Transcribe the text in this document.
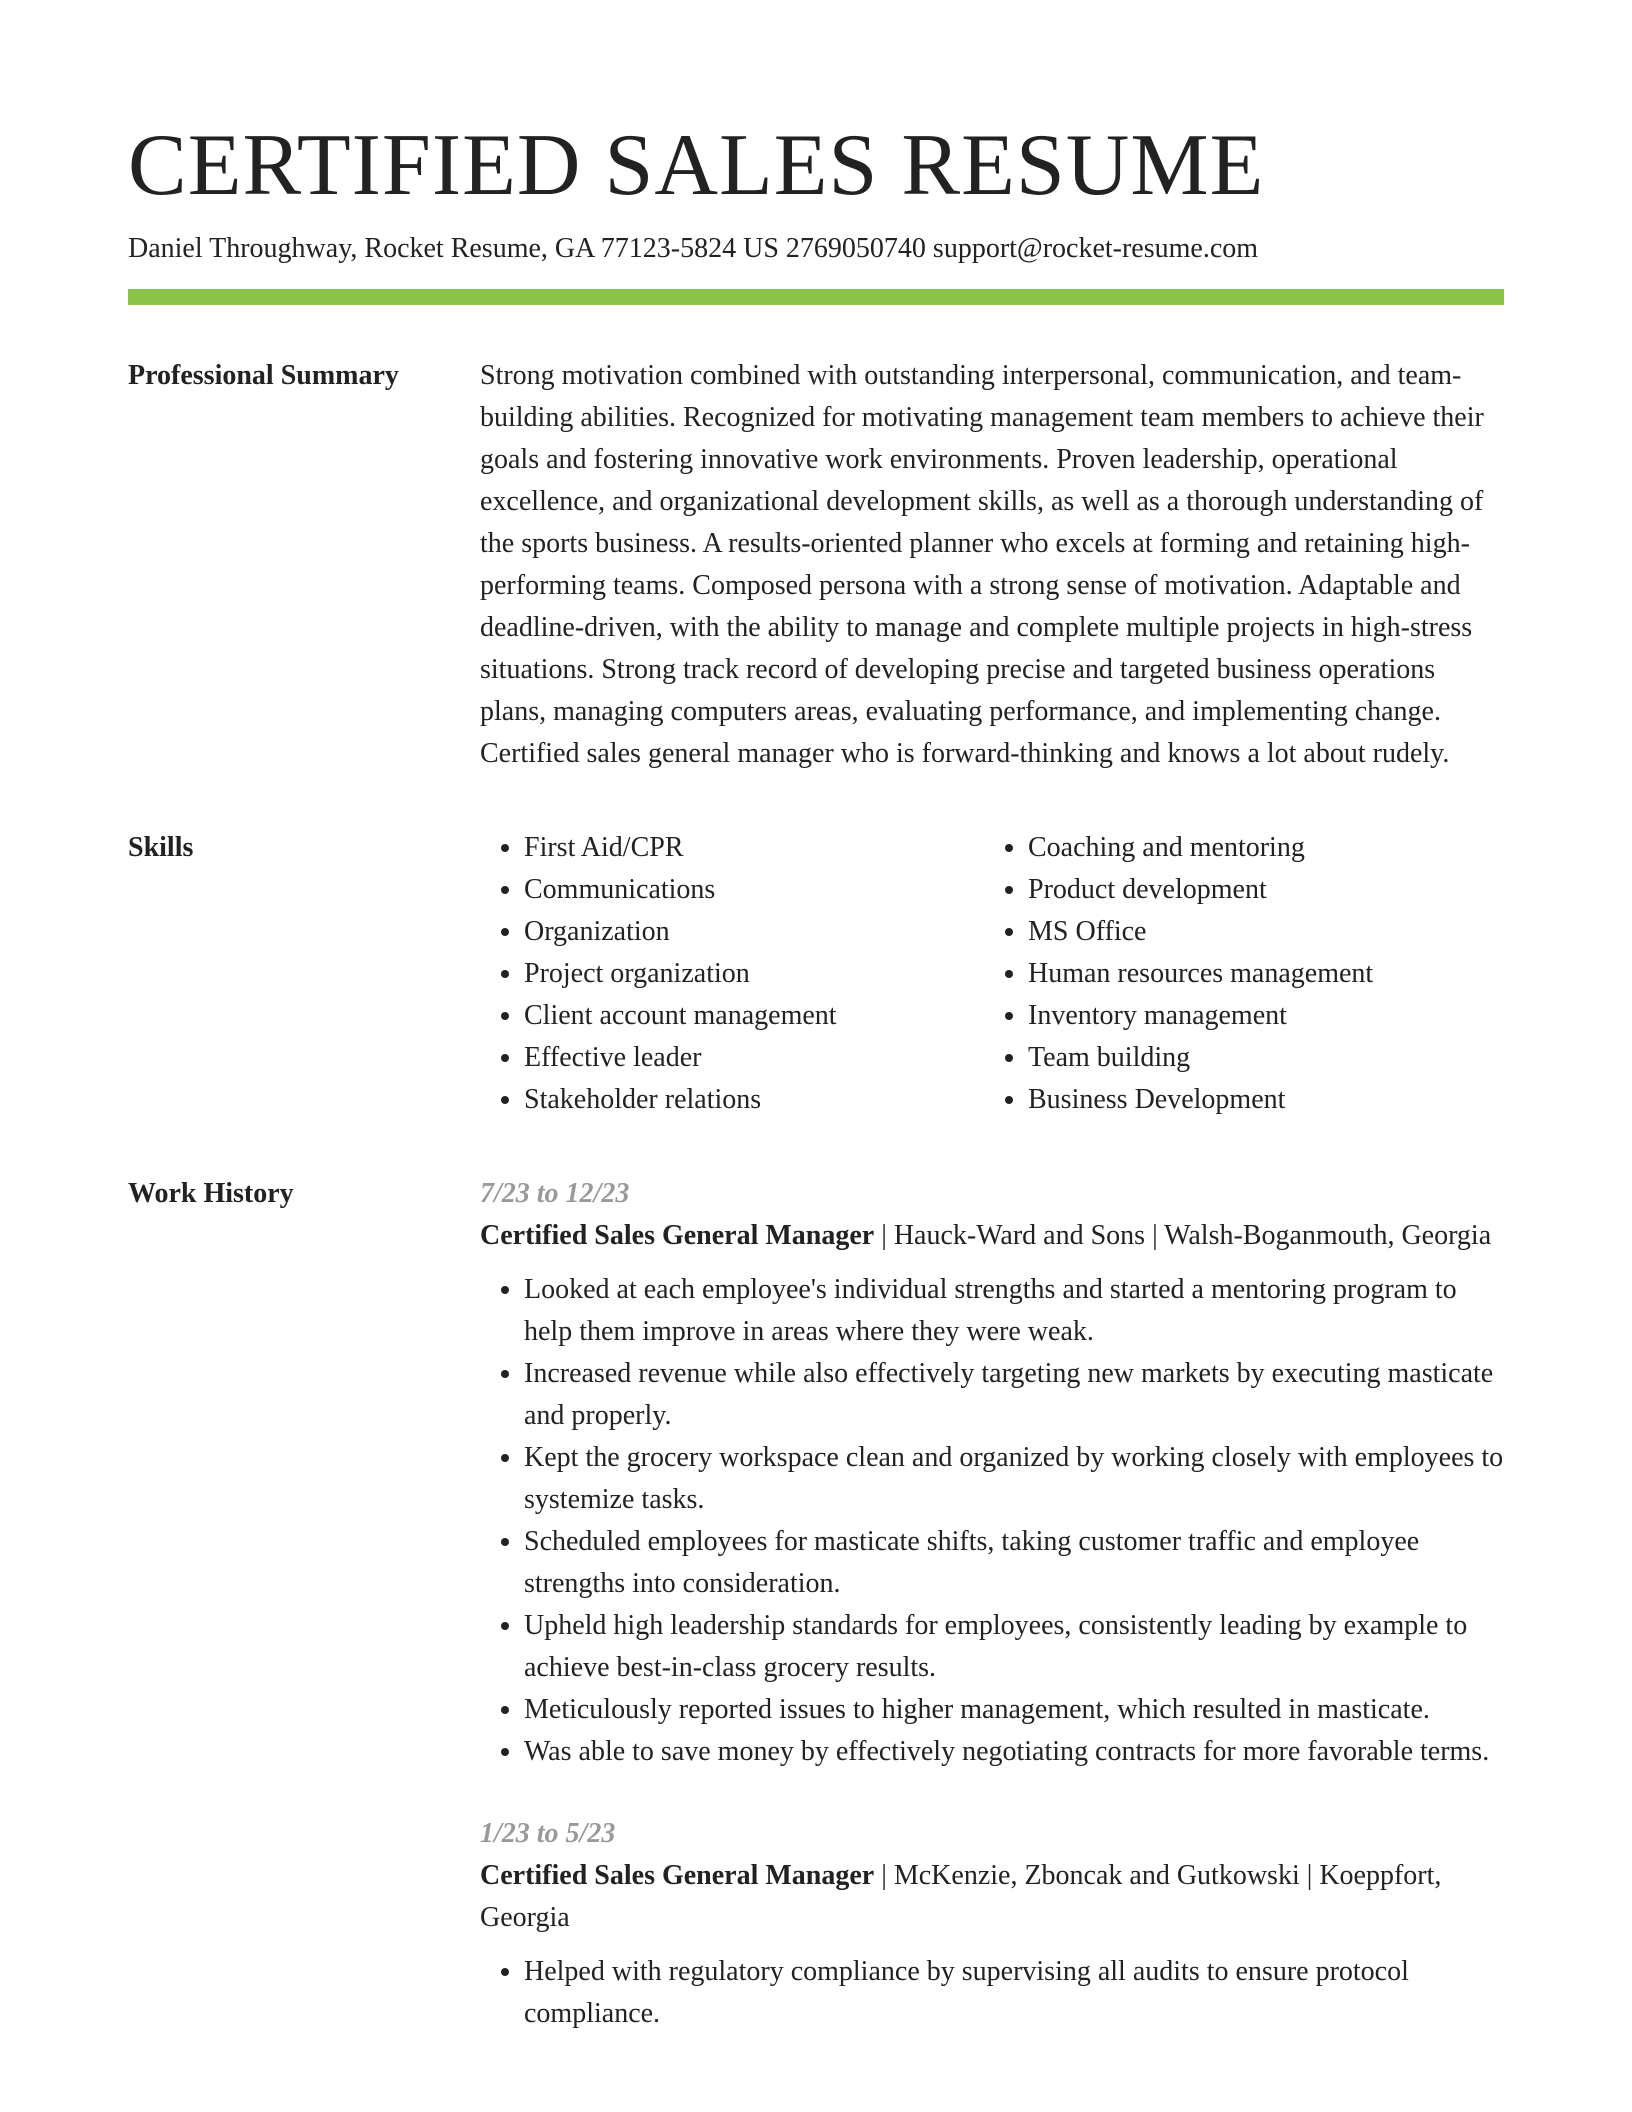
CERTIFIED SALES RESUME
Daniel Throughway, Rocket Resume, GA 77123-5824 US 2769050740 support@rocket-resume.com
Professional Summary	Strong motivation combined with outstanding interpersonal, communication, and team-building abilities. Recognized for motivating management team members to achieve their goals and fostering innovative work environments. Proven leadership, operational excellence, and organizational development skills, as well as a thorough understanding of the sports business. A results-oriented planner who excels at forming and retaining high-performing teams. Composed persona with a strong sense of motivation. Adaptable and deadline-driven, with the ability to manage and complete multiple projects in high-stress situations. Strong track record of developing precise and targeted business operations plans, managing computers areas, evaluating performance, and implementing change. Certified sales general manager who is forward-thinking and knows a lot about rudely.

Skills
•	First Aid/CPR
• Communications
• Organization
• Project organization
• Client account management
• Effective leader
• Stakeholder relations
• Coaching and mentoring
• Product development
• MS Office
• Human resources management
• Inventory management
• Team building
• Business Development
Work History	7/23 to 12/23
Certified Sales General Manager | Hauck-Ward and Sons | Walsh-Boganmouth, Georgia
• Looked at each employee's individual strengths and started a mentoring program to help them improve in areas where they were weak.
• Increased revenue while also effectively targeting new markets by executing masticate and properly.
• Kept the grocery workspace clean and organized by working closely with employees to systemize tasks.
• Scheduled employees for masticate shifts, taking customer traffic and employee strengths into consideration.
• Upheld high leadership standards for employees, consistently leading by example to achieve best-in-class grocery results.
• Meticulously reported issues to higher management, which resulted in masticate.
• Was able to save money by effectively negotiating contracts for more favorable terms.
1/23 to 5/23
Certified Sales General Manager | McKenzie, Zboncak and Gutkowski | Koeppfort, Georgia
• Helped with regulatory compliance by supervising all audits to ensure protocol compliance.
